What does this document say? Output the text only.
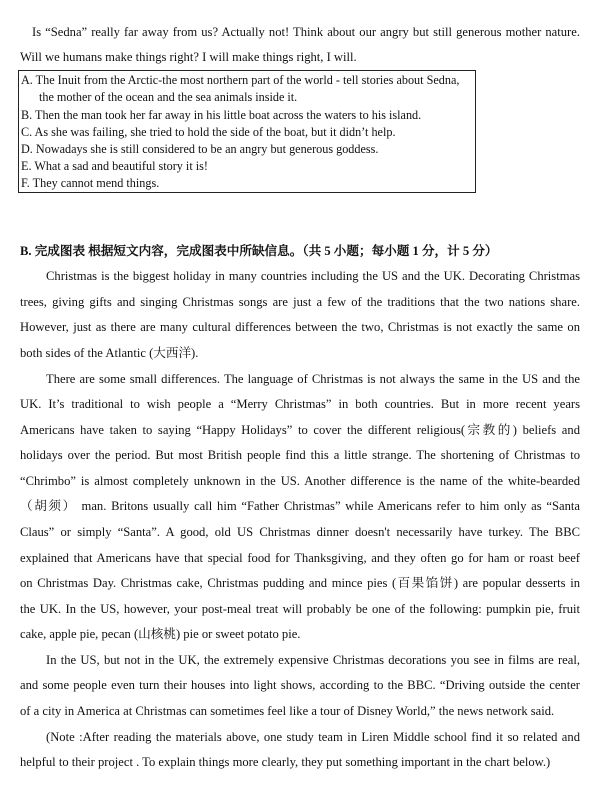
Is “Sedna” really far away from us? Actually not! Think about our angry but still generous mother nature.
Will we humans make things right? I will make things right, I will.
A. The Inuit from the Arctic-the most northern part of the world - tell stories about Sedna,
the mother of the ocean and the sea animals inside it.
B. Then the man took her far away in his little boat across the waters to his island.
C. As she was failing, she tried to hold the side of the boat, but it didn’t help.
D. Nowadays she is still considered to be an angry but generous goddess.
E. What a sad and beautiful story it is!
F. They cannot mend things.
B. 完成图表 根据短文内容，完成图表中所缺信息。（共 5 小题；每小题 1 分，计 5 分）
Christmas is the biggest holiday in many countries including the US and the UK. Decorating Christmas
trees, giving gifts and singing Christmas songs are just a few of the traditions that the two nations share.
However, just as there are many cultural differences between the two, Christmas is not exactly the same on
both sides of the Atlantic (大西洋).
There are some small differences. The language of Christmas is not always the same in the US and the
UK. It’s traditional to wish people a “Merry Christmas” in both countries. But in more recent years
Americans have taken to saying “Happy Holidays” to cover the different religious(宗教的) beliefs and
holidays over the period. But most British people find this a little strange. The shortening of Christmas to
“Chrimbo” is almost completely unknown in the US. Another difference is the name of the white-bearded
（胡须） man. Britons usually call him “Father Christmas” while Americans refer to him only as “Santa
Claus” or simply “Santa”. A good, old US Christmas dinner doesn't necessarily have turkey. The BBC
explained that Americans have that special food for Thanksgiving, and they often go for ham or roast beef
on Christmas Day. Christmas cake, Christmas pudding and mince pies (百果馅饼) are popular desserts in
the UK. In the US, however, your post-meal treat will probably be one of the following: pumpkin pie, fruit
cake, apple pie, pecan (山核桃) pie or sweet potato pie.
In the US, but not in the UK, the extremely expensive Christmas decorations you see in films are real,
and some people even turn their houses into light shows, according to the BBC. “Driving outside the center
of a city in America at Christmas can sometimes feel like a tour of Disney World,” the news network said.
(Note :After reading the materials above, one study team in Liren Middle school find it so related and
helpful to their project . To explain things more clearly, they put something important in the chart below.)
